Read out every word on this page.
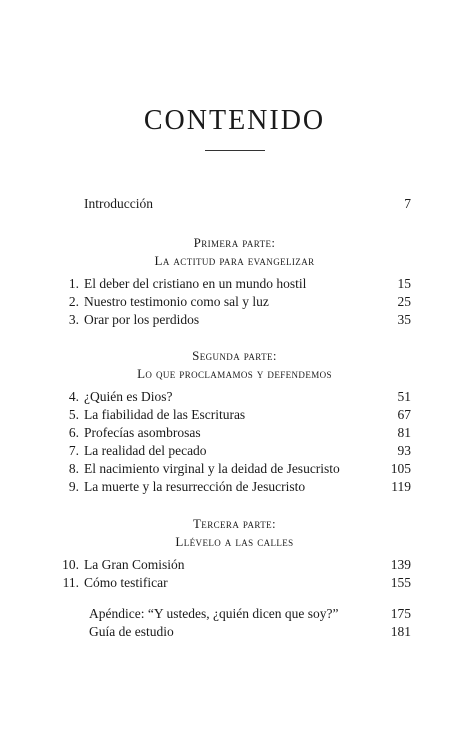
CONTENIDO
Introducción	7
Primera parte:
La actitud para evangelizar
1. El deber del cristiano en un mundo hostil	15
2. Nuestro testimonio como sal y luz	25
3. Orar por los perdidos	35
Segunda parte:
Lo que proclamamos y defendemos
4. ¿Quién es Dios?	51
5. La fiabilidad de las Escrituras	67
6. Profecías asombrosas	81
7. La realidad del pecado	93
8. El nacimiento virginal y la deidad de Jesucristo	105
9. La muerte y la resurrección de Jesucristo	119
Tercera parte:
Llévelo a las calles
10. La Gran Comisión	139
11. Cómo testificar	155
Apéndice: “Y ustedes, ¿quién dicen que soy?”	175
Guía de estudio	181
